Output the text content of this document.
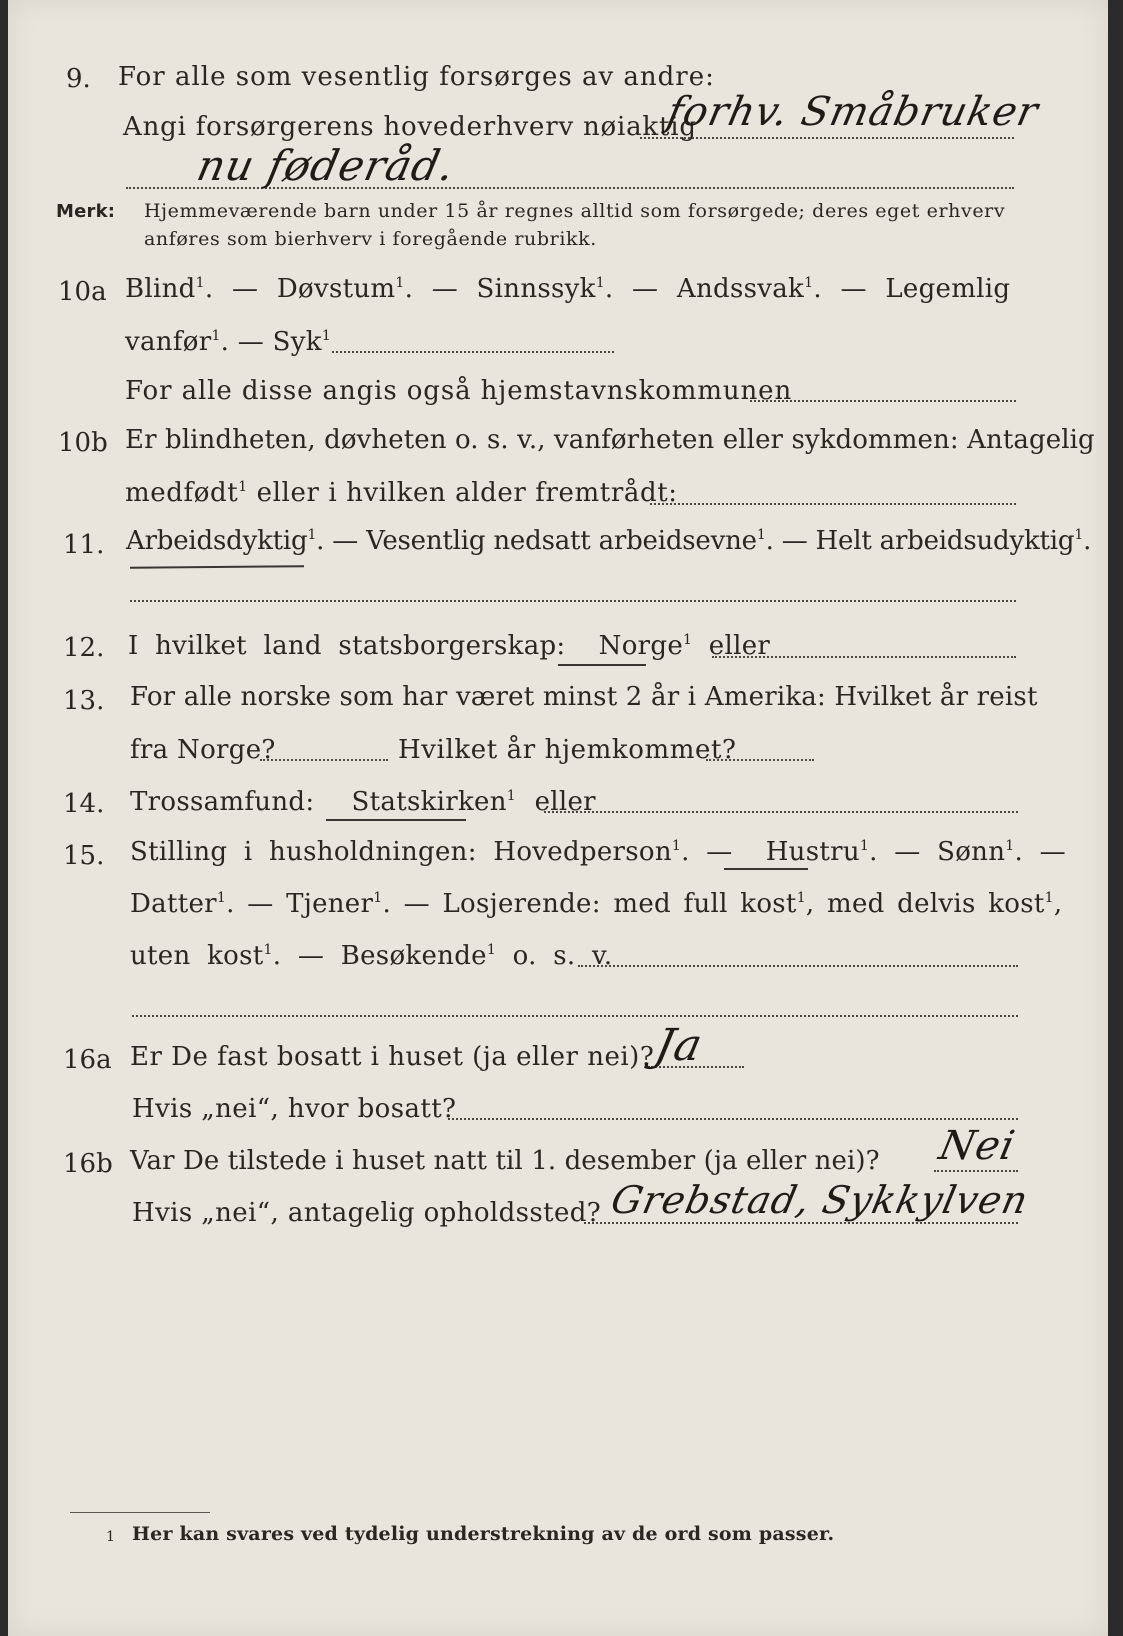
9. For alle som vesentlig forsørges av andre:
Angi forsørgerens hovederhverv nøiaktig
forhv. Småbruker
nu føderåd.
Merk: Hjemmeværende barn under 15 år regnes alltid som forsørgede; deres eget erhverv
anføres som bierhverv i foregående rubrikk.
10a Blind$^1$. — Døvstum$^1$. — Sinnssyk$^1$. — Andssvak$^1$. — Legemlig
vanfør$^1$. — Syk$^1$
For alle disse angis også hjemstavnskommunen
10b Er blindheten, døvheten o. s. v., vanførheten eller sykdommen: Antagelig
medfødt$^1$ eller i hvilken alder fremtrådt:
11. Arbeidsdyktig$^1$. — Vesentlig nedsatt arbeidsevne$^1$. — Helt arbeidsudyktig$^1$.
12. I hvilket land statsborgerskap: Norge$^1$ eller
13. For alle norske som har været minst 2 år i Amerika: Hvilket år reist
fra Norge?	Hvilket år hjemkommet?
14. Trossamfund: Statskirken$^1$ eller
15. Stilling i husholdningen: Hovedperson$^1$. — Hustru$^1$. — Sønn$^1$. —
Datter$^1$. — Tjener$^1$. — Losjerende: med full kost$^1$, med delvis kost$^1$,
uten kost$^1$. — Besøkende$^1$ o. s. v.
16a Er De fast bosatt i huset (ja eller nei)?
Ja
Hvis „nei“, hvor bosatt?
16b Var De tilstede i huset natt til 1. desember (ja eller nei)? Nei
Hvis „nei“, antagelig opholdssted? Grebstad, Sykkylven
1 Her kan svares ved tydelig understrekning av de ord som passer.
